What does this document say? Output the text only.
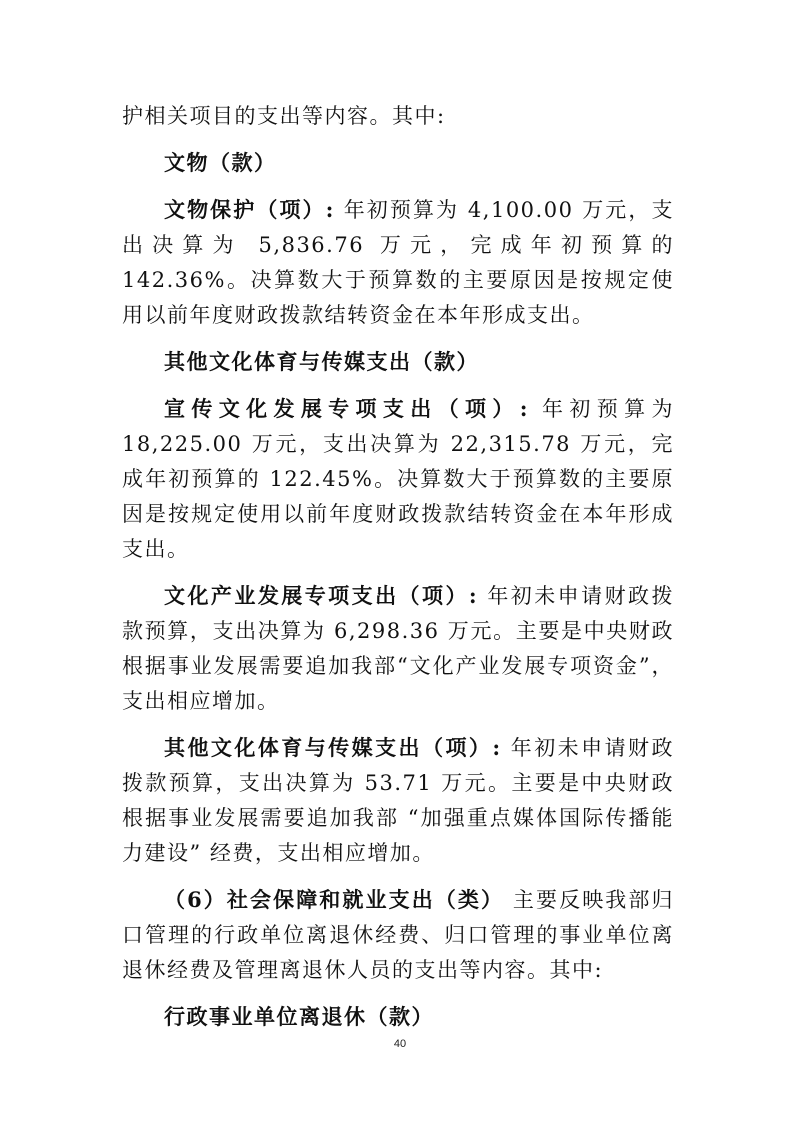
护相关项目的支出等内容。其中:

文物（款）

文物保护（项）: 年初预算为 4,100.00 万元，支出决算为 5,836.76 万元，完成年初预算的 142.36%。决算数大于预算数的主要原因是按规定使用以前年度财政拨款结转资金在本年形成支出。

其他文化体育与传媒支出（款）

宣传文化发展专项支出（项）: 年初预算为 18,225.00 万元，支出决算为 22,315.78 万元，完成年初预算的 122.45%。决算数大于预算数的主要原因是按规定使用以前年度财政拨款结转资金在本年形成支出。

文化产业发展专项支出（项）: 年初未申请财政拨款预算，支出决算为 6,298.36 万元。主要是中央财政根据事业发展需要追加我部“文化产业发展专项资金”，支出相应增加。

其他文化体育与传媒支出（项）: 年初未申请财政拨款预算，支出决算为 53.71 万元。主要是中央财政根据事业发展需要追加我部 “加强重点媒体国际传播能力建设” 经费，支出相应增加。

（6）社会保障和就业支出（类） 主要反映我部归口管理的行政单位离退休经费、归口管理的事业单位离退休经费及管理离退休人员的支出等内容。其中:

行政事业单位离退休（款）

40
